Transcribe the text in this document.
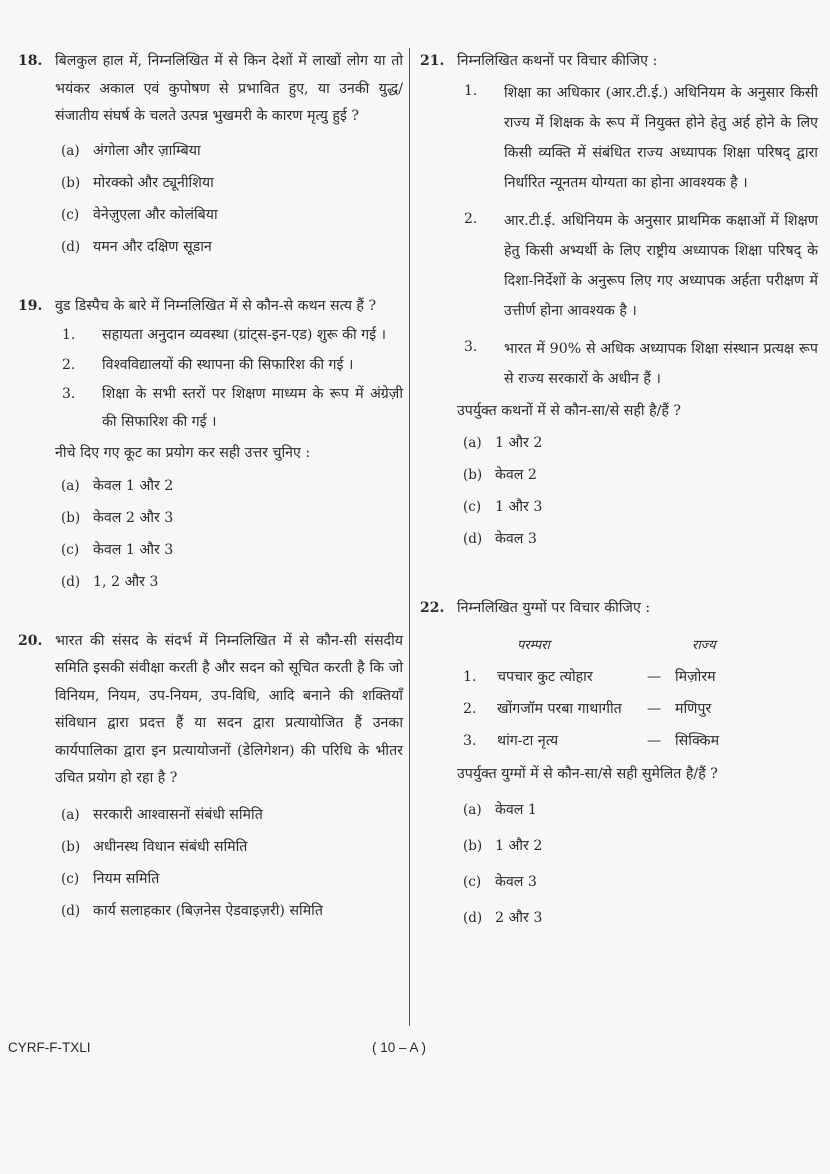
18. बिलकुल हाल में, निम्नलिखित में से किन देशों में लाखों लोग या तो भयंकर अकाल एवं कुपोषण से प्रभावित हुए, या उनकी युद्ध/संजातीय संघर्ष के चलते उत्पन्न भुखमरी के कारण मृत्यु हुई ?
(a) अंगोला और ज़ाम्बिया
(b) मोरक्को और ट्यूनीशिया
(c) वेनेज़ुएला और कोलंबिया
(d) यमन और दक्षिण सूडान
19. वुड डिस्पैच के बारे में निम्नलिखित में से कौन-से कथन सत्य हैं ?
1. सहायता अनुदान व्यवस्था (ग्रांट्स-इन-एड) शुरू की गई ।
2. विश्वविद्यालयों की स्थापना की सिफारिश की गई ।
3. शिक्षा के सभी स्तरों पर शिक्षण माध्यम के रूप में अंग्रेज़ी की सिफारिश की गई ।
नीचे दिए गए कूट का प्रयोग कर सही उत्तर चुनिए :
(a) केवल 1 और 2
(b) केवल 2 और 3
(c) केवल 1 और 3
(d) 1, 2 और 3
20. भारत की संसद के संदर्भ में निम्नलिखित में से कौन-सी संसदीय समिति इसकी संवीक्षा करती है और सदन को सूचित करती है कि जो विनियम, नियम, उप-नियम, उप-विधि, आदि बनाने की शक्तियाँ संविधान द्वारा प्रदत्त हैं या सदन द्वारा प्रत्यायोजित हैं उनका कार्यपालिका द्वारा इन प्रत्यायोजनों (डेलिगेशन) की परिधि के भीतर उचित प्रयोग हो रहा है ?
(a) सरकारी आश्वासनों संबंधी समिति
(b) अधीनस्थ विधान संबंधी समिति
(c) नियम समिति
(d) कार्य सलाहकार (बिज़नेस ऐडवाइज़री) समिति
21. निम्नलिखित कथनों पर विचार कीजिए :
1. शिक्षा का अधिकार (आर.टी.ई.) अधिनियम के अनुसार किसी राज्य में शिक्षक के रूप में नियुक्त होने हेतु अर्ह होने के लिए किसी व्यक्ति में संबंधित राज्य अध्यापक शिक्षा परिषद् द्वारा निर्धारित न्यूनतम योग्यता का होना आवश्यक है ।
2. आर.टी.ई. अधिनियम के अनुसार प्राथमिक कक्षाओं में शिक्षण हेतु किसी अभ्यर्थी के लिए राष्ट्रीय अध्यापक शिक्षा परिषद् के दिशा-निर्देशों के अनुरूप लिए गए अध्यापक अर्हता परीक्षण में उत्तीर्ण होना आवश्यक है ।
3. भारत में 90% से अधिक अध्यापक शिक्षा संस्थान प्रत्यक्ष रूप से राज्य सरकारों के अधीन हैं ।
उपर्युक्त कथनों में से कौन-सा/से सही है/हैं ?
(a) 1 और 2
(b) केवल 2
(c) 1 और 3
(d) केवल 3
22. निम्नलिखित युग्मों पर विचार कीजिए :
परम्परा	राज्य
1. चपचार कुट त्योहार	— मिज़ोरम
2. खोंगजॉम परबा गाथागीत — मणिपुर
3. थांग-टा नृत्य	— सिक्किम
उपर्युक्त युग्मों में से कौन-सा/से सही सुमेलित है/हैं ?
(a) केवल 1
(b) 1 और 2
(c) केवल 3
(d) 2 और 3
CYRF-F-TXLI	( 10 – A )
